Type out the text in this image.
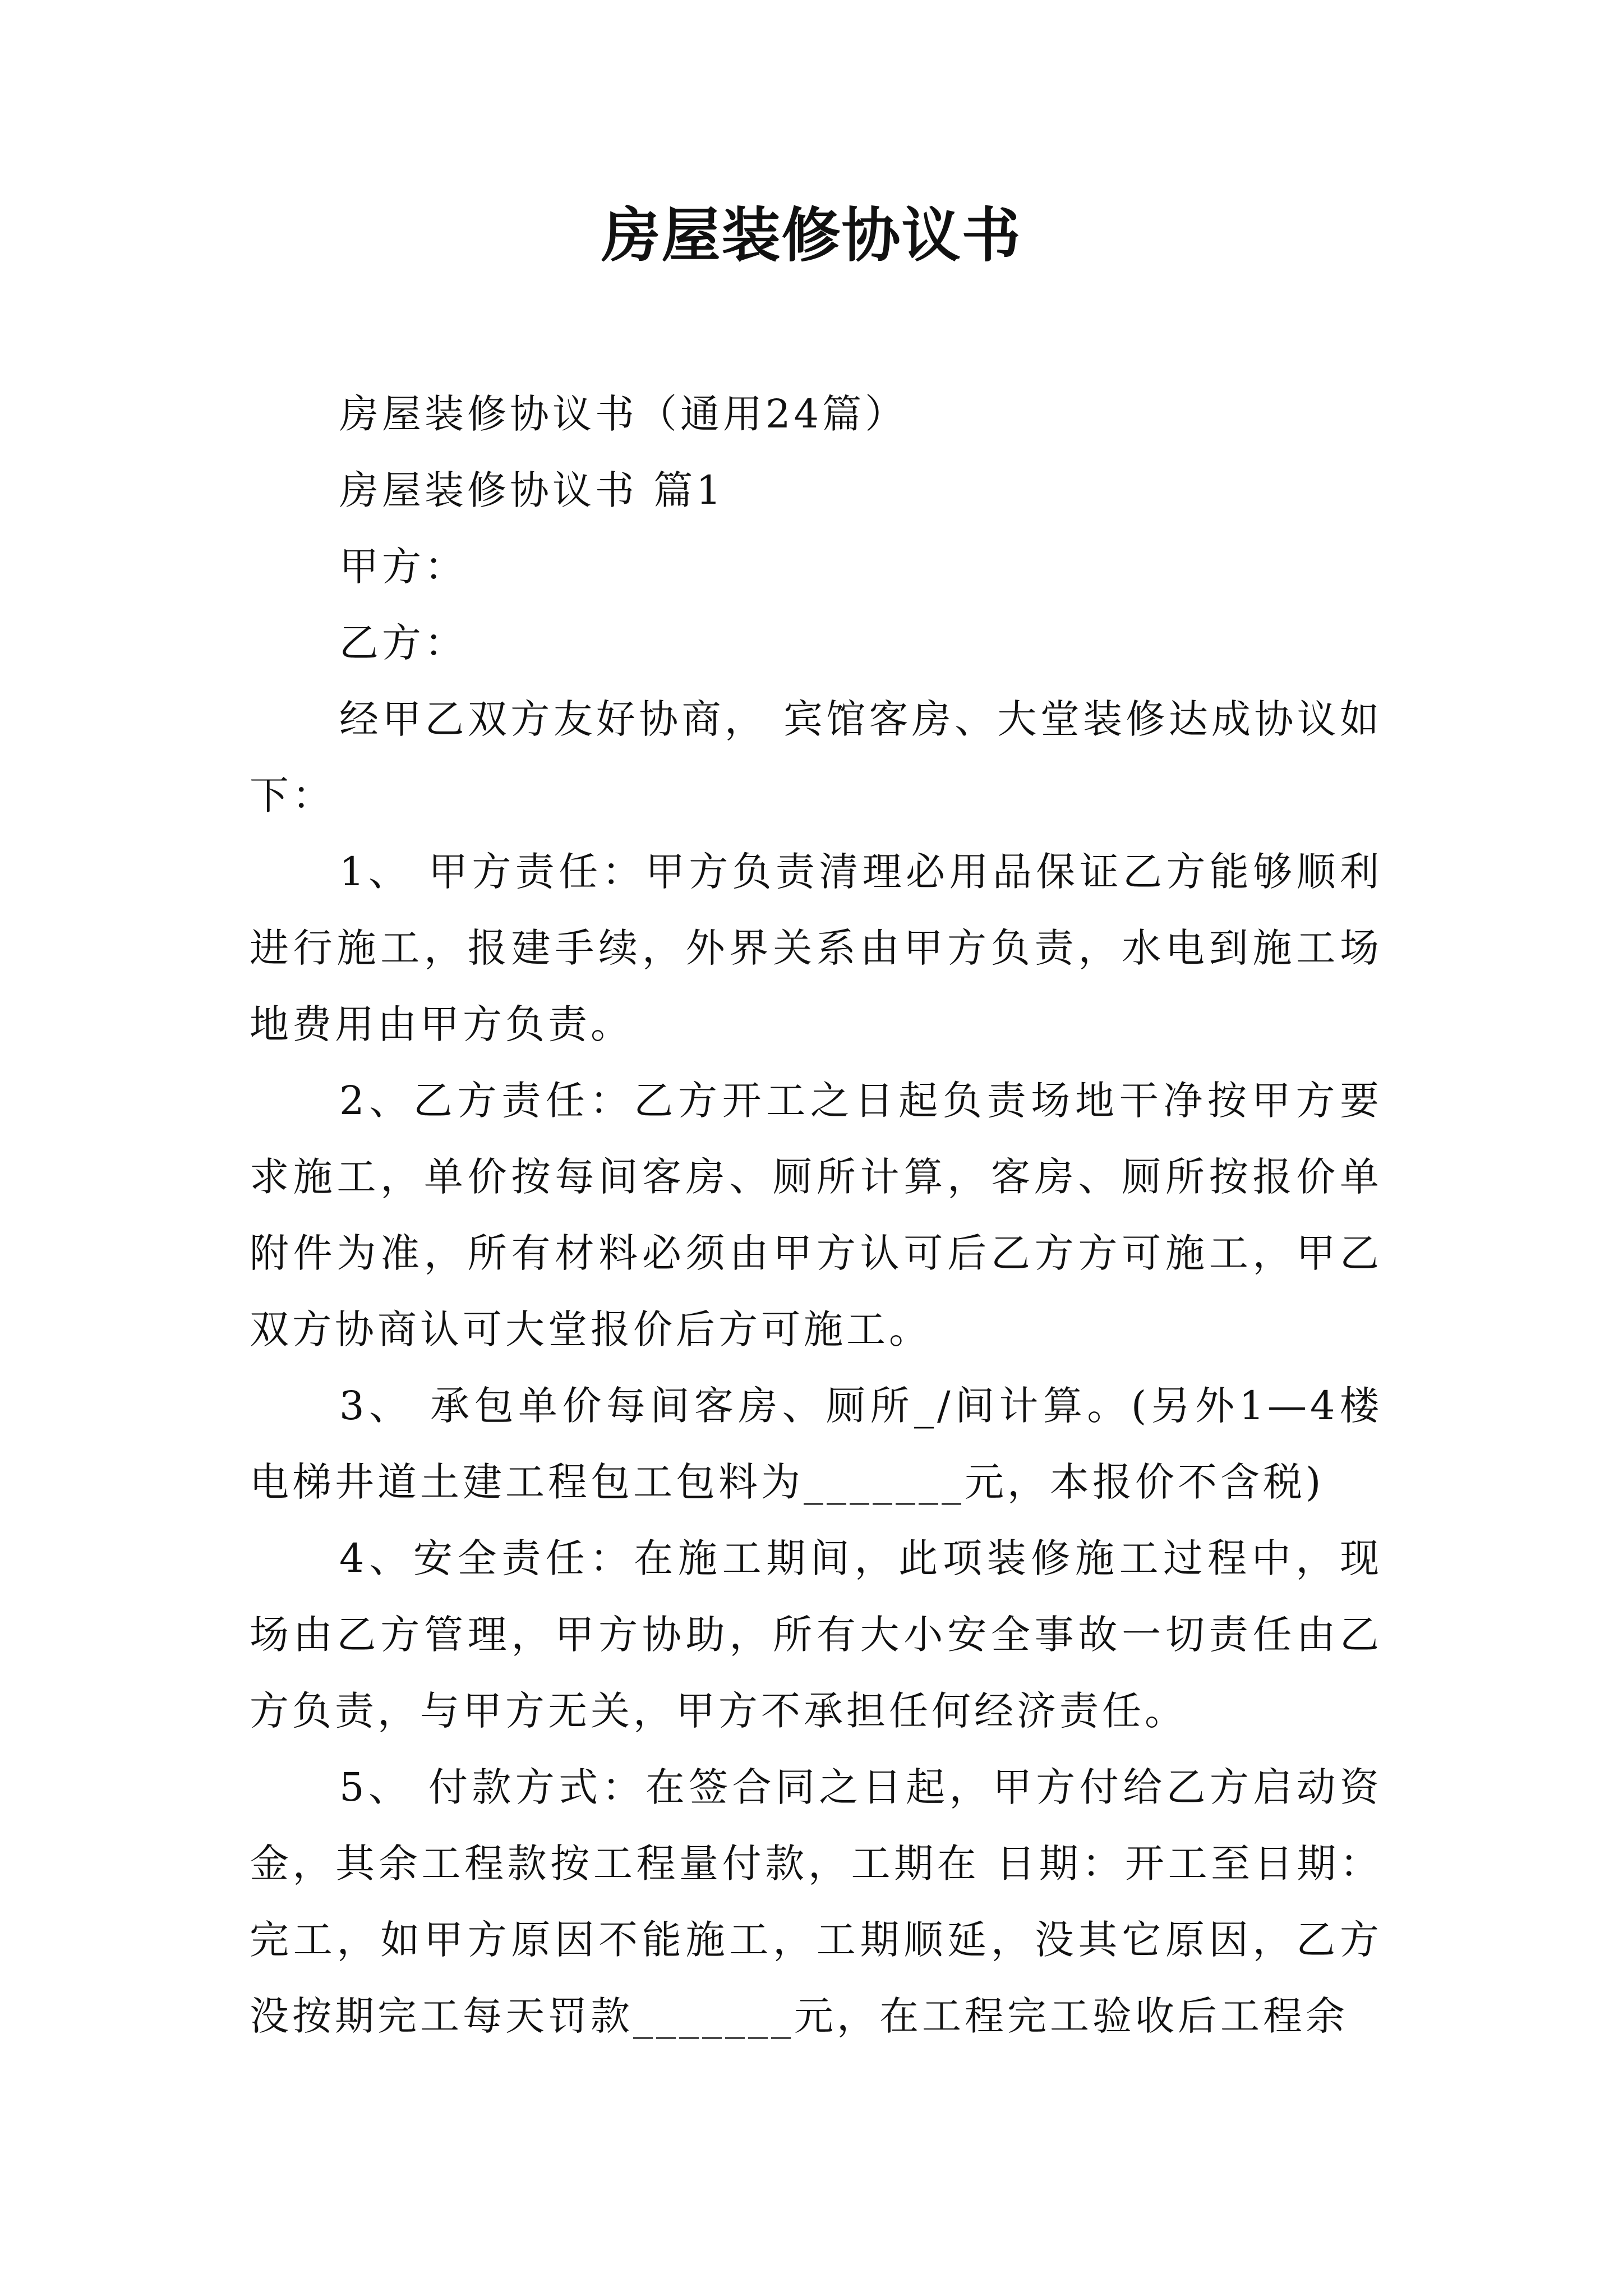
房屋装修协议书

房屋装修协议书（通用24篇）

房屋装修协议书 篇1

甲方：

乙方：

经甲乙双方友好协商， 宾馆客房、大堂装修达成协议如下：

1、 甲方责任：甲方负责清理必用品保证乙方能够顺利进行施工，报建手续，外界关系由甲方负责，水电到施工场地费用由甲方负责。

2、乙方责任：乙方开工之日起负责场地干净按甲方要求施工，单价按每间客房、厕所计算，客房、厕所按报价单附件为准，所有材料必须由甲方认可后乙方方可施工，甲乙双方协商认可大堂报价后方可施工。

3、 承包单价每间客房、厕所_/间计算。(另外1—4楼电梯井道土建工程包工包料为_______元，本报价不含税)

4、安全责任：在施工期间，此项装修施工过程中，现场由乙方管理，甲方协助，所有大小安全事故一切责任由乙方负责，与甲方无关，甲方不承担任何经济责任。

5、 付款方式：在签合同之日起，甲方付给乙方启动资金，其余工程款按工程量付款，工期在 日期：开工至日期：完工，如甲方原因不能施工，工期顺延，没其它原因，乙方没按期完工每天罚款_______元，在工程完工验收后工程余
